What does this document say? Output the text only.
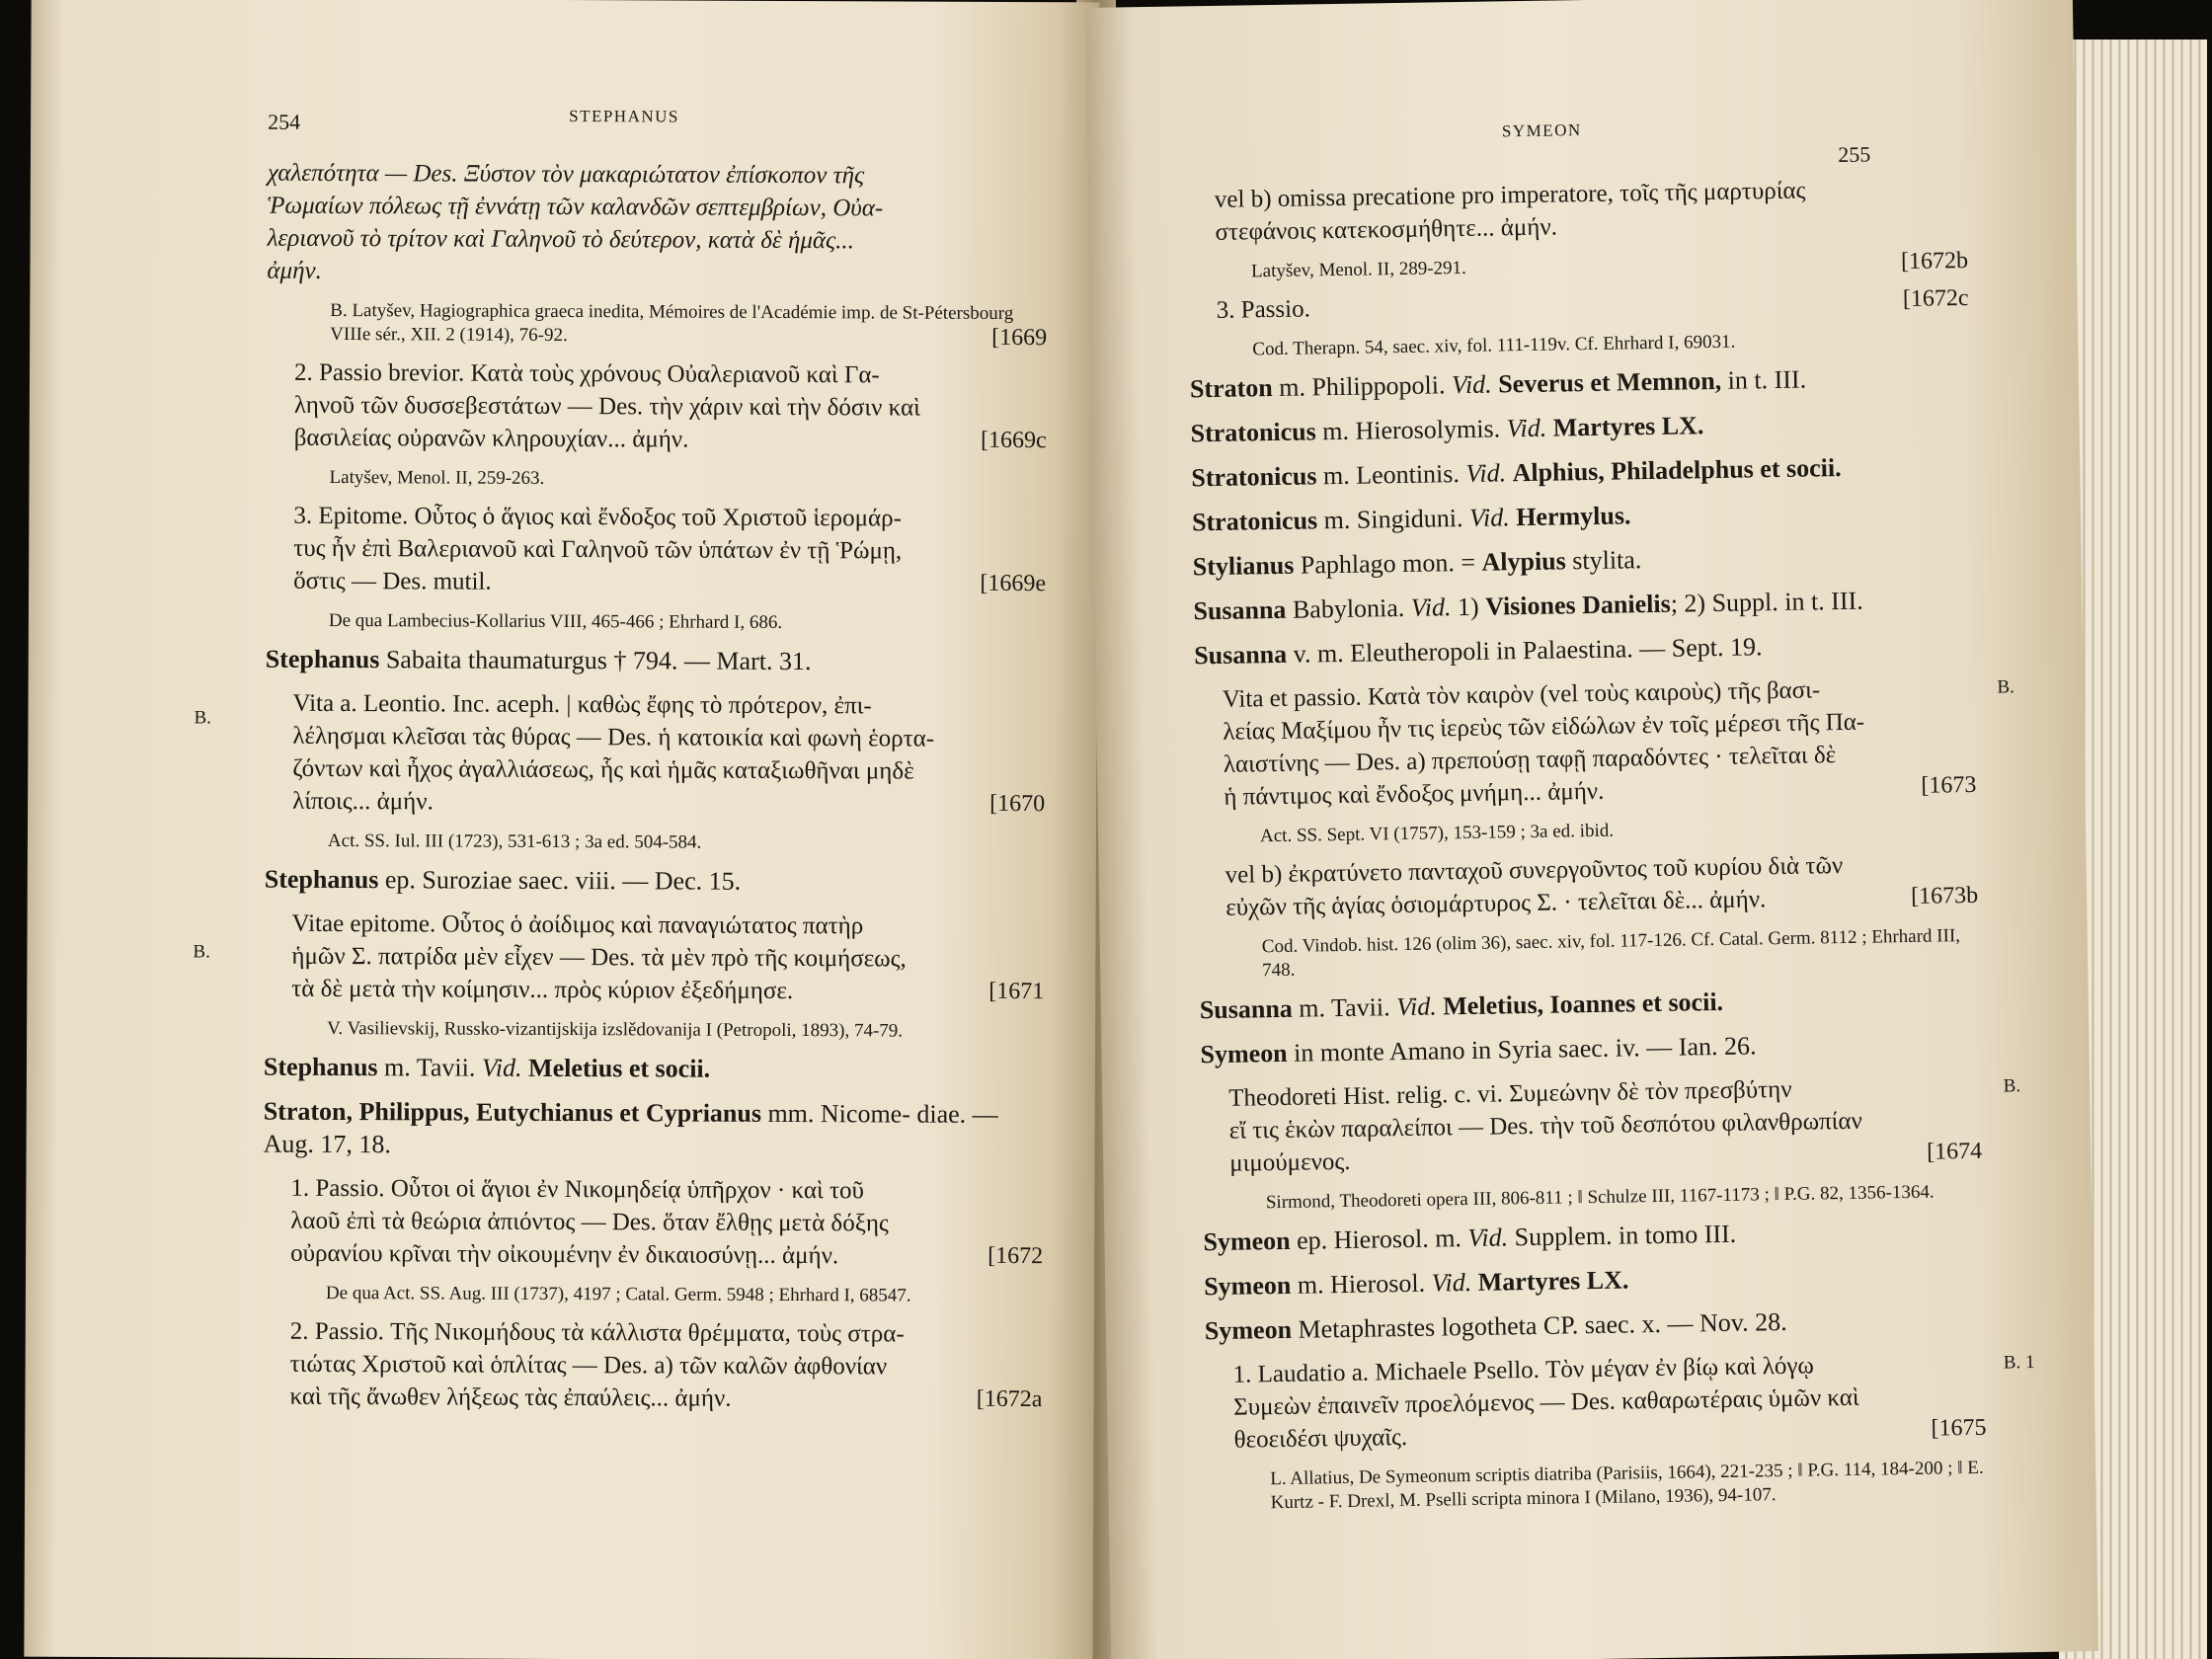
254	STEPHANUS
B.
B.

χαλεπότητα — Des. Ξύστον τὸν μακαριώτατον ἐπίσκοπον τῆς

Ῥωμαίων πόλεως τῇ ἐννάτῃ τῶν καλανδῶν σεπτεμβρίων, Οὐα-

λεριανοῦ τὸ τρίτον καὶ Γαληνοῦ τὸ δεύτερον, κατὰ δὲ ἡμᾶς...

ἀμήν.

B. Latyšev, Hagiographica graeca inedita, Mémoires de l'Académie imp. de St-Pétersbourg VIIIe sér., XII. 2 (1914), 76-92.	[1669

2. Passio brevior. Κατὰ τοὺς χρόνους Οὐαλεριανοῦ καὶ Γα-

ληνοῦ τῶν δυσσεβεστάτων — Des. τὴν χάριν καὶ τὴν δόσιν καὶ

βασιλείας οὐρανῶν κληρουχίαν... ἀμήν.	[1669c

Latyšev, Menol. II, 259-263.

3. Epitome. Οὗτος ὁ ἅγιος καὶ ἔνδοξος τοῦ Χριστοῦ ἱερομάρ-

τυς ἦν ἐπὶ Βαλεριανοῦ καὶ Γαληνοῦ τῶν ὑπάτων ἐν τῇ Ῥώμῃ,

ὅστις — Des. mutil.	[1669e

De qua Lambecius-Kollarius VIII, 465-466 ; Ehrhard I, 686.
Stephanus Sabaita thaumaturgus † 794. — Mart. 31.

Vita a. Leontio. Inc. aceph. | καθὼς ἔφης τὸ πρότερον, ἐπι-

λέλησμαι κλεῖσαι τὰς θύρας — Des. ἡ κατοικία καὶ φωνὴ ἑορτα-

ζόντων καὶ ἦχος ἀγαλλιάσεως, ἧς καὶ ἡμᾶς καταξιωθῆναι μηδὲ

λίποις... ἀμήν.	[1670

Act. SS. Iul. III (1723), 531-613 ; 3a ed. 504-584.
Stephanus ep. Suroziae saec. viii. — Dec. 15.

Vitae epitome. Οὗτος ὁ ἀοίδιμος καὶ παναγιώτατος πατὴρ

ἡμῶν Σ. πατρίδα μὲν εἶχεν — Des. τὰ μὲν πρὸ τῆς κοιμήσεως,

τὰ δὲ μετὰ τὴν κοίμησιν... πρὸς κύριον ἐξεδήμησε.	[1671

V. Vasilievskij, Russko-vizantijskija izslědovanija I (Petropoli, 1893), 74-79.
Stephanus m. Tavii. Vid. Meletius et socii.
Straton, Philippus, Eutychianus et Cyprianus mm. Nicome- diae. — Aug. 17, 18.

1. Passio. Οὗτοι οἱ ἅγιοι ἐν Νικομηδείᾳ ὑπῆρχον · καὶ τοῦ

λαοῦ ἐπὶ τὰ θεώρια ἀπιόντος — Des. ὅταν ἔλθῃς μετὰ δόξης

οὐρανίου κρῖναι τὴν οἰκουμένην ἐν δικαιοσύνῃ... ἀμήν.	[1672

De qua Act. SS. Aug. III (1737), 4197 ; Catal. Germ. 5948 ; Ehrhard I, 68547.

2. Passio. Τῆς Νικομήδους τὰ κάλλιστα θρέμματα, τοὺς στρα-

τιώτας Χριστοῦ καὶ ὁπλίτας — Des. a) τῶν καλῶν ἀφθονίαν

καὶ τῆς ἄνωθεν λήξεως τὰς ἐπαύλεις... ἀμήν.	[1672a

SYMEON
255

vel b) omissa precatione pro imperatore, τοῖς τῆς μαρτυρίας

στεφάνοις κατεκοσμήθητε... ἀμήν.

Latyšev, Menol. II, 289-291.	[1672b

3. Passio.	[1672c

Cod. Therapn. 54, saec. xiv, fol. 111-119v. Cf. Ehrhard I, 69031.
Straton m. Philippopoli. Vid. Severus et Memnon, in t. III.
Stratonicus m. Hierosolymis. Vid. Martyres LX.
Stratonicus m. Leontinis. Vid. Alphius, Philadelphus et socii.
Stratonicus m. Singiduni. Vid. Hermylus.
Stylianus Paphlago mon. = Alypius stylita.
Susanna Babylonia. Vid. 1) Visiones Danielis; 2) Suppl. in t. III.
Susanna v. m. Eleutheropoli in Palaestina. — Sept. 19.
B.

Vita et passio. Κατὰ τὸν καιρὸν (vel τοὺς καιροὺς) τῆς βασι-

λείας Μαξίμου ἦν τις ἱερεὺς τῶν εἰδώλων ἐν τοῖς μέρεσι τῆς Πα-

λαιστίνης — Des. a) πρεπούσῃ ταφῇ παραδόντες · τελεῖται δὲ

ἡ πάντιμος καὶ ἔνδοξος μνήμη... ἀμήν.	[1673

Act. SS. Sept. VI (1757), 153-159 ; 3a ed. ibid.

vel b) ἐκρατύνετο πανταχοῦ συνεργοῦντος τοῦ κυρίου διὰ τῶν

εὐχῶν τῆς ἁγίας ὁσιομάρτυρος Σ. · τελεῖται δὲ... ἀμήν.	[1673b

Cod. Vindob. hist. 126 (olim 36), saec. xiv, fol. 117-126. Cf. Catal. Germ. 8112 ; Ehrhard III, 748.
Susanna m. Tavii. Vid. Meletius, Ioannes et socii.
Symeon in monte Amano in Syria saec. iv. — Ian. 26.
B.

Theodoreti Hist. relig. c. vi. Συμεώνην δὲ τὸν πρεσβύτην

εἴ τις ἑκὼν παραλείποι — Des. τὴν τοῦ δεσπότου φιλανθρωπίαν

μιμούμενος.	[1674

Sirmond, Theodoreti opera III, 806-811 ; ‖ Schulze III, 1167-1173 ; ‖ P.G. 82, 1356-1364.
Symeon ep. Hierosol. m. Vid. Supplem. in tomo III.
Symeon m. Hierosol. Vid. Martyres LX.
Symeon Metaphrastes logotheta CP. saec. x. — Nov. 28.
B. 1

1. Laudatio a. Michaele Psello. Τὸν μέγαν ἐν βίῳ καὶ λόγῳ

Συμεὼν ἐπαινεῖν προελόμενος — Des. καθαρωτέραις ὑμῶν καὶ

θεοειδέσι ψυχαῖς.	[1675

L. Allatius, De Symeonum scriptis diatriba (Parisiis, 1664), 221-235 ; ‖ P.G. 114, 184-200 ; ‖ E. Kurtz - F. Drexl, M. Pselli scripta minora I (Milano, 1936), 94-107.
